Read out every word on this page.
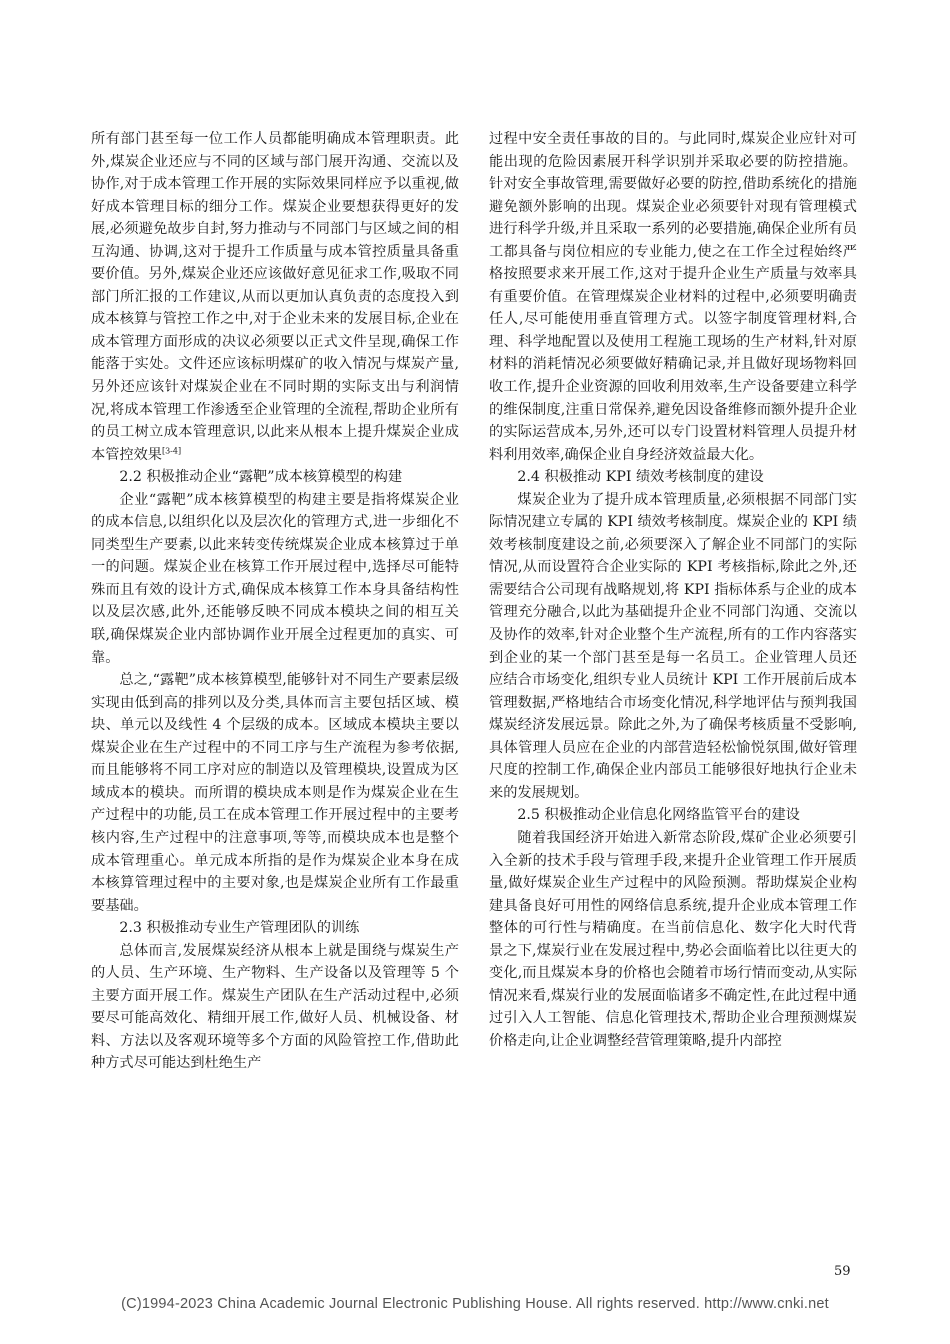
所有部门甚至每一位工作人员都能明确成本管理职责。此外,煤炭企业还应与不同的区域与部门展开沟通、交流以及协作,对于成本管理工作开展的实际效果同样应予以重视,做好成本管理目标的细分工作。煤炭企业要想获得更好的发展,必须避免故步自封,努力推动与不同部门与区域之间的相互沟通、协调,这对于提升工作质量与成本管控质量具备重要价值。另外,煤炭企业还应该做好意见征求工作,吸取不同部门所汇报的工作建议,从而以更加认真负责的态度投入到成本核算与管控工作之中,对于企业未来的发展目标,企业在成本管理方面形成的决议必须要以正式文件呈现,确保工作能落于实处。文件还应该标明煤矿的收入情况与煤炭产量,另外还应该针对煤炭企业在不同时期的实际支出与利润情况,将成本管理工作渗透至企业管理的全流程,帮助企业所有的员工树立成本管理意识,以此来从根本上提升煤炭企业成本管控效果[3-4]

2.2 积极推动企业“露靶”成本核算模型的构建

企业“露靶”成本核算模型的构建主要是指将煤炭企业的成本信息,以组织化以及层次化的管理方式,进一步细化不同类型生产要素,以此来转变传统煤炭企业成本核算过于单一的问题。煤炭企业在核算工作开展过程中,选择尽可能特殊而且有效的设计方式,确保成本核算工作本身具备结构性以及层次感,此外,还能够反映不同成本模块之间的相互关联,确保煤炭企业内部协调作业开展全过程更加的真实、可靠。

总之,“露靶”成本核算模型,能够针对不同生产要素层级实现由低到高的排列以及分类,具体而言主要包括区域、模块、单元以及线性 4 个层级的成本。区域成本模块主要以煤炭企业在生产过程中的不同工序与生产流程为参考依据,而且能够将不同工序对应的制造以及管理模块,设置成为区域成本的模块。而所谓的模块成本则是作为煤炭企业在生产过程中的功能,员工在成本管理工作开展过程中的主要考核内容,生产过程中的注意事项,等等,而模块成本也是整个成本管理重心。单元成本所指的是作为煤炭企业本身在成本核算管理过程中的主要对象,也是煤炭企业所有工作最重要基础。

2.3 积极推动专业生产管理团队的训练

总体而言,发展煤炭经济从根本上就是围绕与煤炭生产的人员、生产环境、生产物料、生产设备以及管理等 5 个主要方面开展工作。煤炭生产团队在生产活动过程中,必须要尽可能高效化、精细开展工作,做好人员、机械设备、材料、方法以及客观环境等多个方面的风险管控工作,借助此种方式尽可能达到杜绝生产

过程中安全责任事故的目的。与此同时,煤炭企业应针对可能出现的危险因素展开科学识别并采取必要的防控措施。针对安全事故管理,需要做好必要的防控,借助系统化的措施避免额外影响的出现。煤炭企业必须要针对现有管理模式进行科学升级,并且采取一系列的必要措施,确保企业所有员工都具备与岗位相应的专业能力,使之在工作全过程始终严格按照要求来开展工作,这对于提升企业生产质量与效率具有重要价值。在管理煤炭企业材料的过程中,必须要明确责任人,尽可能使用垂直管理方式。以签字制度管理材料,合理、科学地配置以及使用工程施工现场的生产材料,针对原材料的消耗情况必须要做好精确记录,并且做好现场物料回收工作,提升企业资源的回收利用效率,生产设备要建立科学的维保制度,注重日常保养,避免因设备维修而额外提升企业的实际运营成本,另外,还可以专门设置材料管理人员提升材料利用效率,确保企业自身经济效益最大化。

2.4 积极推动 KPI 绩效考核制度的建设

煤炭企业为了提升成本管理质量,必须根据不同部门实际情况建立专属的 KPI 绩效考核制度。煤炭企业的 KPI 绩效考核制度建设之前,必须要深入了解企业不同部门的实际情况,从而设置符合企业实际的 KPI 考核指标,除此之外,还需要结合公司现有战略规划,将 KPI 指标体系与企业的成本管理充分融合,以此为基础提升企业不同部门沟通、交流以及协作的效率,针对企业整个生产流程,所有的工作内容落实到企业的某一个部门甚至是每一名员工。企业管理人员还应结合市场变化,组织专业人员统计 KPI 工作开展前后成本管理数据,严格地结合市场变化情况,科学地评估与预判我国煤炭经济发展远景。除此之外,为了确保考核质量不受影响,具体管理人员应在企业的内部营造轻松愉悦氛围,做好管理尺度的控制工作,确保企业内部员工能够很好地执行企业未来的发展规划。

2.5 积极推动企业信息化网络监管平台的建设

随着我国经济开始进入新常态阶段,煤矿企业必须要引入全新的技术手段与管理手段,来提升企业管理工作开展质量,做好煤炭企业生产过程中的风险预测。帮助煤炭企业构建具备良好可用性的网络信息系统,提升企业成本管理工作整体的可行性与精确度。在当前信息化、数字化大时代背景之下,煤炭行业在发展过程中,势必会面临着比以往更大的变化,而且煤炭本身的价格也会随着市场行情而变动,从实际情况来看,煤炭行业的发展面临诸多不确定性,在此过程中通过引入人工智能、信息化管理技术,帮助企业合理预测煤炭价格走向,让企业调整经营管理策略,提升内部控

59
(C)1994-2023 China Academic Journal Electronic Publishing House. All rights reserved. http://www.cnki.net
